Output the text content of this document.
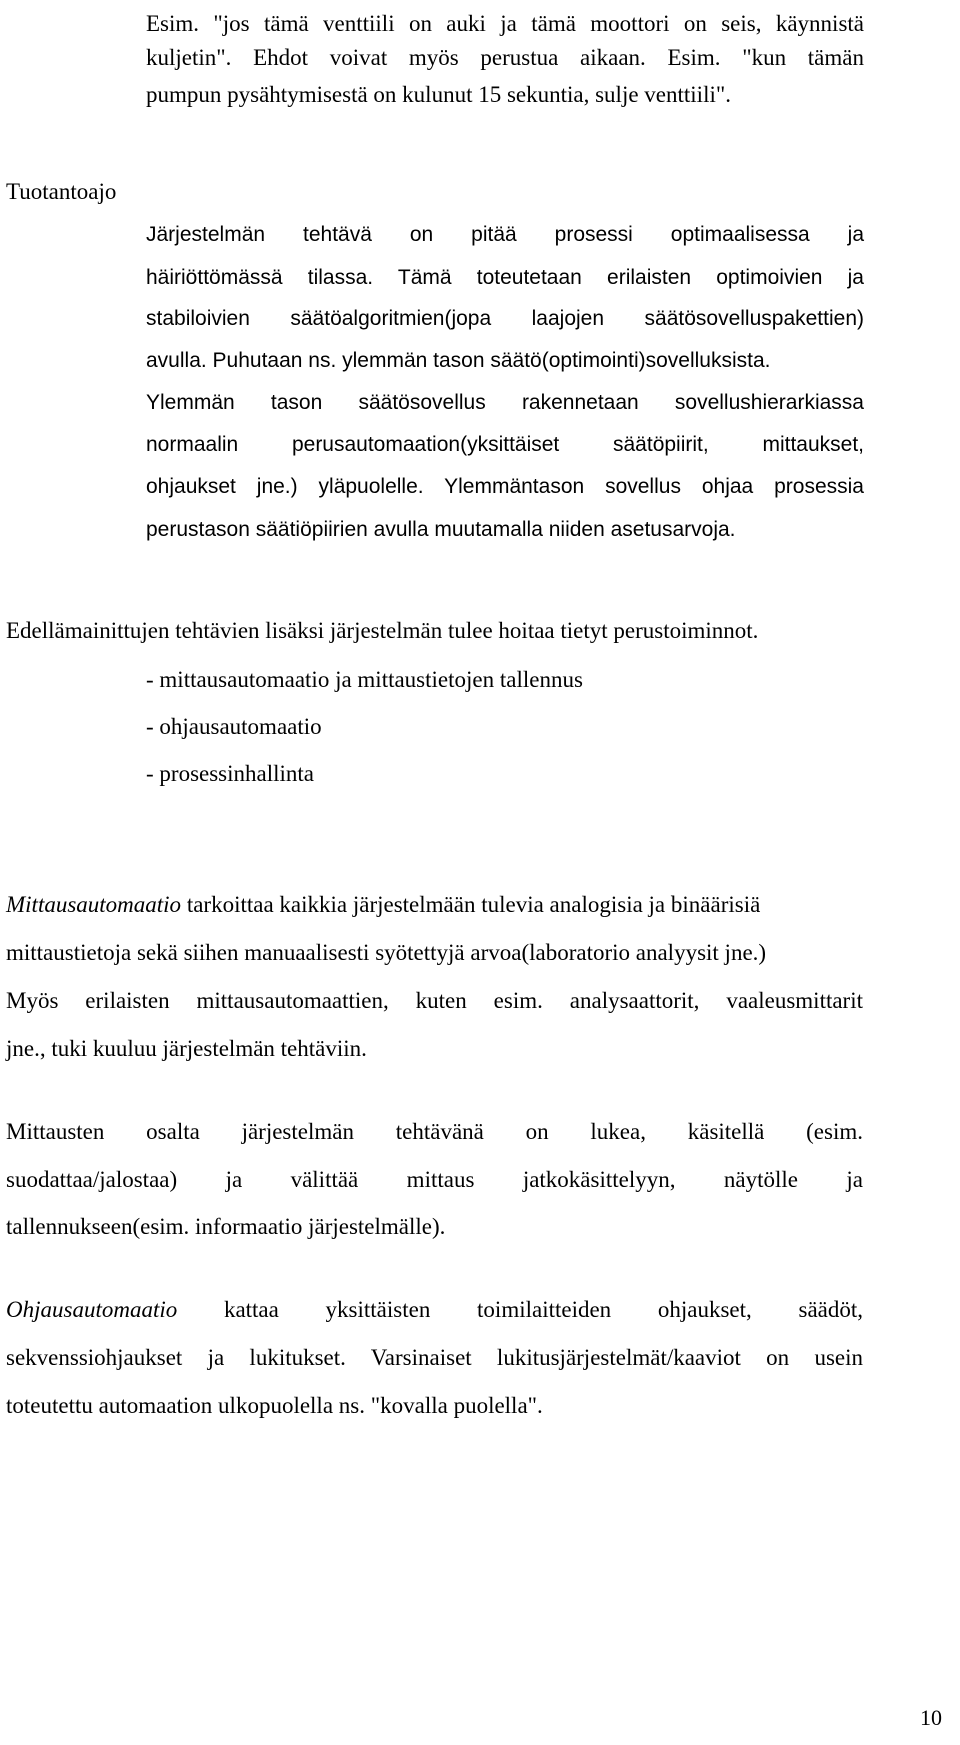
Esim. "jos tämä venttiili on auki ja tämä moottori on seis, käynnistä
kuljetin". Ehdot voivat myös perustua aikaan. Esim. "kun tämän
pumpun pysähtymisestä on kulunut 15 sekuntia, sulje venttiili".
Tuotantoajo
Järjestelmän tehtävä on pitää prosessi optimaalisessa ja
häiriöttömässä tilassa. Tämä toteutetaan erilaisten optimoivien ja
stabiloivien säätöalgoritmien(jopa laajojen säätösovelluspakettien)
avulla. Puhutaan ns. ylemmän tason säätö(optimointi)sovelluksista.
Ylemmän tason säätösovellus rakennetaan sovellushierarkiassa
normaalin perusautomaation(yksittäiset säätöpiirit, mittaukset,
ohjaukset jne.) yläpuolelle. Ylemmäntason sovellus ohjaa prosessia
perustason säätiöpiirien avulla muutamalla niiden asetusarvoja.
Edellämainittujen tehtävien lisäksi järjestelmän tulee hoitaa tietyt perustoiminnot.
- mittausautomaatio ja mittaustietojen tallennus
- ohjausautomaatio
- prosessinhallinta
Mittausautomaatio tarkoittaa kaikkia järjestelmään tulevia analogisia ja binäärisiä
mittaustietoja sekä siihen manuaalisesti syötettyjä arvoa(laboratorio analyysit jne.)
Myös erilaisten mittausautomaattien, kuten esim. analysaattorit, vaaleusmittarit
jne., tuki kuuluu järjestelmän tehtäviin.
Mittausten osalta järjestelmän tehtävänä on lukea, käsitellä (esim.
suodattaa/jalostaa) ja välittää mittaus jatkokäsittelyyn, näytölle ja
tallennukseen(esim. informaatio järjestelmälle).
Ohjausautomaatio kattaa yksittäisten toimilaitteiden ohjaukset, säädöt,
sekvenssiohjaukset ja lukitukset. Varsinaiset lukitusjärjestelmät/kaaviot on usein
toteutettu automaation ulkopuolella ns. "kovalla puolella".
10
